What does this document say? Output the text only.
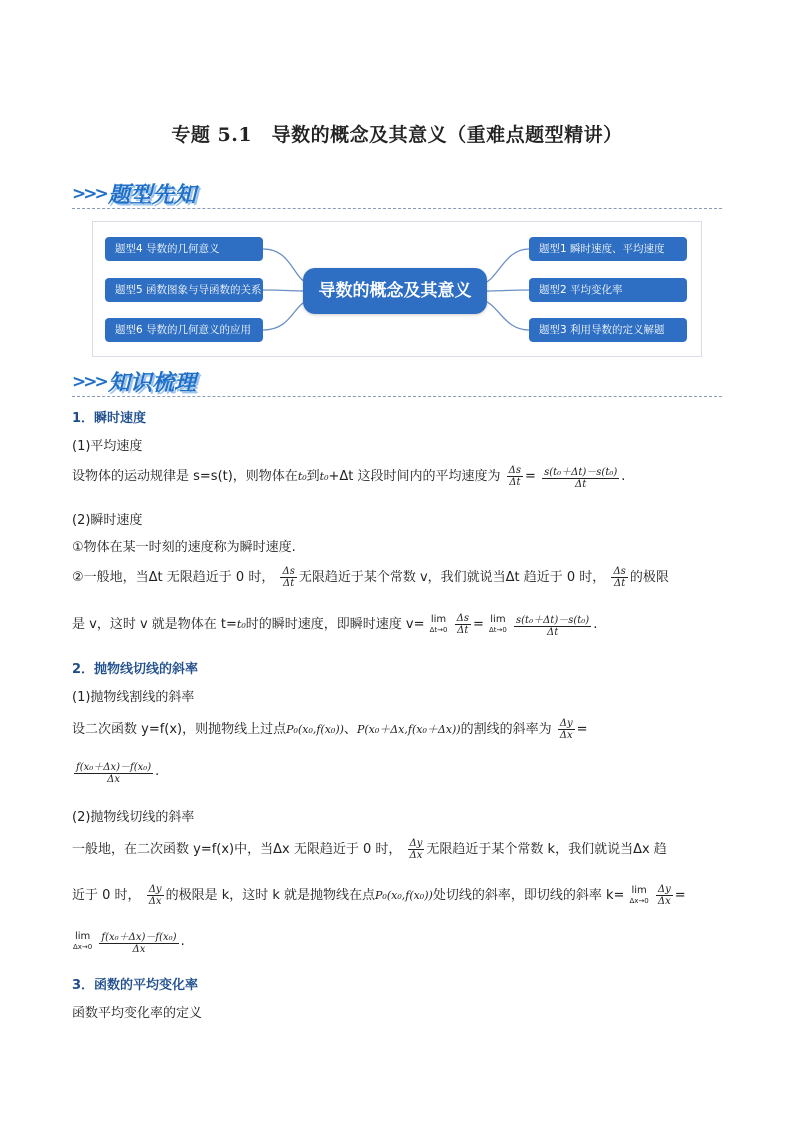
专题 5.1　导数的概念及其意义（重难点题型精讲）
>>> 题型先知
题型4 导数的几何意义
题型5 函数图象与导函数的关系
题型6 导数的几何意义的应用
导数的概念及其意义
题型1 瞬时速度、平均速度
题型2 平均变化率
题型3 利用导数的定义解题
>>> 知识梳理
1．瞬时速度
(1)平均速度
设物体的运动规律是 s=s(t)，则物体在t₀到t₀+Δt 这段时间内的平均速度为 $\frac{\Delta s}{\Delta t} = \frac{\text{s(t₀＋Δt)－s(t₀)}}{\Delta t}$ .
(2)瞬时速度
①物体在某一时刻的速度称为瞬时速度.
②一般地，当Δt 无限趋近于 0 时， $\frac{\Delta s}{\Delta t}$ 无限趋近于某个常数 v，我们就说当Δt 趋近于 0 时， $\frac{\Delta s}{\Delta t}$ 的极限
是 v，这时 v 就是物体在 t=t₀时的瞬时速度，即瞬时速度 v= lim
Δt→0
$\frac{\Delta s}{\Delta t} = \lim$
Δt→0
$\frac{\text{s(t₀＋Δt)－s(t₀)}}{\Delta t}$ .
2．抛物线切线的斜率
(1)抛物线割线的斜率
设二次函数 y=f(x)，则抛物线上过点P₀(x₀,f(x₀))、P(x₀＋Δx,f(x₀＋Δx))的割线的斜率为 $\frac{\Delta y}{\Delta x}$ =
$\frac{\text{f(x₀＋Δx)－f(x₀)}}{\Delta x}$ .
(2)抛物线切线的斜率
一般地，在二次函数 y=f(x)中，当Δx 无限趋近于 0 时， $\frac{\Delta y}{\Delta x}$ 无限趋近于某个常数 k，我们就说当Δx 趋
近于 0 时， $\frac{\Delta y}{\Delta x}$ 的极限是 k，这时 k 就是抛物线在点P₀(x₀,f(x₀))处切线的斜率，即切线的斜率 k= lim
Δx→0
$\frac{\Delta y}{\Delta x}$ =
lim
Δx→0
$\frac{\text{f(x₀＋Δx)－f(x₀)}}{\Delta x}$ .
3．函数的平均变化率
函数平均变化率的定义
